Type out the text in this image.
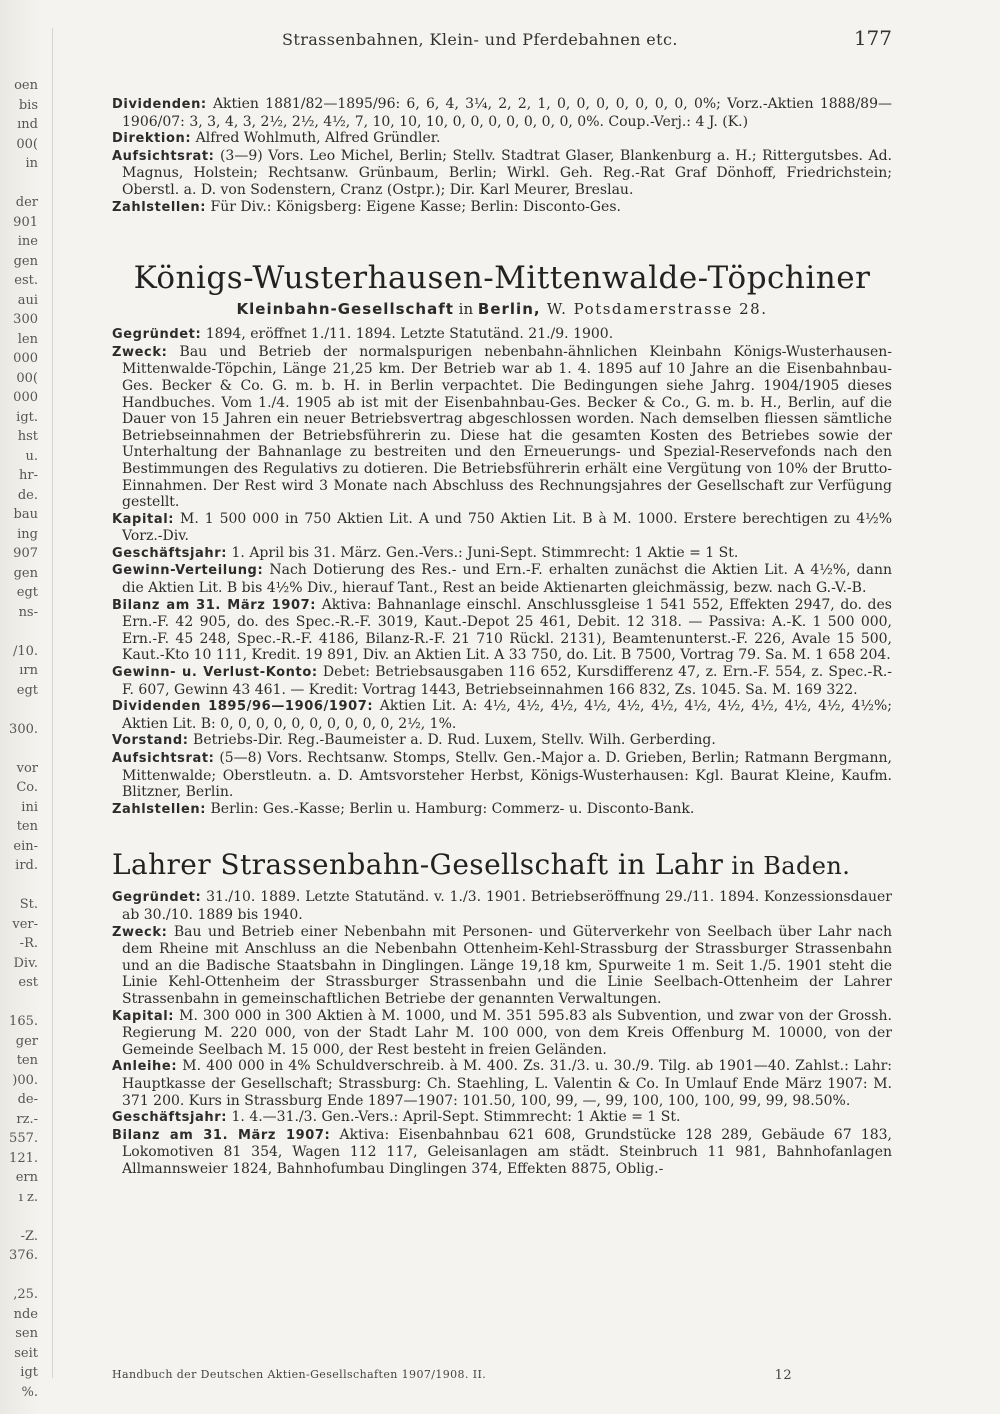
oen
bis
ınd
00(
in
der
901
ine
gen
est.
aui
300
len
000
00(
000
igt.
hst
u.
hr-
de.
bau
ing
907
gen
egt
ns-
/10.
ırn
egt
300.
vor
Co.
ini
ten
ein-
ird.
St.
ver-
-R.
Div.
est
165.
ger
ten
)00.
de-
rz.-
557.
121.
ern
ı z.
-Z.
376.
,25.
nde
sen
seit
igt
%.
Strassenbahnen, Klein- und Pferdebahnen etc.	177

Dividenden: Aktien 1881/82—1895/96: 6, 6, 4, 3¼, 2, 2, 1, 0, 0, 0, 0, 0, 0, 0, 0%; Vorz.-Aktien 1888/89—1906/07: 3, 3, 4, 3, 2½, 2½, 4½, 7, 10, 10, 10, 0, 0, 0, 0, 0, 0, 0, 0%. Coup.-Verj.: 4 J. (K.)

Direktion: Alfred Wohlmuth, Alfred Gründler.

Aufsichtsrat: (3—9) Vors. Leo Michel, Berlin; Stellv. Stadtrat Glaser, Blankenburg a. H.; Rittergutsbes. Ad. Magnus, Holstein; Rechtsanw. Grünbaum, Berlin; Wirkl. Geh. Reg.-Rat Graf Dönhoff, Friedrichstein; Oberstl. a. D. von Sodenstern, Cranz (Ostpr.); Dir. Karl Meurer, Breslau.

Zahlstellen: Für Div.: Königsberg: Eigene Kasse; Berlin: Disconto-Ges.

Königs-Wusterhausen-Mittenwalde-Töpchiner
Kleinbahn-Gesellschaft in Berlin, W. Potsdamerstrasse 28.

Gegründet: 1894, eröffnet 1./11. 1894. Letzte Statutänd. 21./9. 1900.

Zweck: Bau und Betrieb der normalspurigen nebenbahn-ähnlichen Kleinbahn Königs-Wusterhausen-Mittenwalde-Töpchin, Länge 21,25 km. Der Betrieb war ab 1. 4. 1895 auf 10 Jahre an die Eisenbahnbau-Ges. Becker & Co. G. m. b. H. in Berlin verpachtet. Die Bedingungen siehe Jahrg. 1904/1905 dieses Handbuches. Vom 1./4. 1905 ab ist mit der Eisenbahnbau-Ges. Becker & Co., G. m. b. H., Berlin, auf die Dauer von 15 Jahren ein neuer Betriebsvertrag abgeschlossen worden. Nach demselben fliessen sämtliche Betriebseinnahmen der Betriebsführerin zu. Diese hat die gesamten Kosten des Betriebes sowie der Unterhaltung der Bahnanlage zu bestreiten und den Erneuerungs- und Spezial-Reservefonds nach den Bestimmungen des Regulativs zu dotieren. Die Betriebsführerin erhält eine Vergütung von 10% der Brutto-Einnahmen. Der Rest wird 3 Monate nach Abschluss des Rechnungsjahres der Gesellschaft zur Verfügung gestellt.

Kapital: M. 1 500 000 in 750 Aktien Lit. A und 750 Aktien Lit. B à M. 1000. Erstere berechtigen zu 4½% Vorz.-Div.

Geschäftsjahr: 1. April bis 31. März. Gen.-Vers.: Juni-Sept. Stimmrecht: 1 Aktie = 1 St.

Gewinn-Verteilung: Nach Dotierung des Res.- und Ern.-F. erhalten zunächst die Aktien Lit. A 4½%, dann die Aktien Lit. B bis 4½% Div., hierauf Tant., Rest an beide Aktienarten gleichmässig, bezw. nach G.-V.-B.

Bilanz am 31. März 1907: Aktiva: Bahnanlage einschl. Anschlussgleise 1 541 552, Effekten 2947, do. des Ern.-F. 42 905, do. des Spec.-R.-F. 3019, Kaut.-Depot 25 461, Debit. 12 318. — Passiva: A.-K. 1 500 000, Ern.-F. 45 248, Spec.-R.-F. 4186, Bilanz-R.-F. 21 710 Rückl. 2131), Beamtenunterst.-F. 226, Avale 15 500, Kaut.-Kto 10 111, Kredit. 19 891, Div. an Aktien Lit. A 33 750, do. Lit. B 7500, Vortrag 79. Sa. M. 1 658 204.

Gewinn- u. Verlust-Konto: Debet: Betriebsausgaben 116 652, Kursdifferenz 47, z. Ern.-F. 554, z. Spec.-R.-F. 607, Gewinn 43 461. — Kredit: Vortrag 1443, Betriebseinnahmen 166 832, Zs. 1045. Sa. M. 169 322.

Dividenden 1895/96—1906/1907: Aktien Lit. A: 4½, 4½, 4½, 4½, 4½, 4½, 4½, 4½, 4½, 4½, 4½, 4½%; Aktien Lit. B: 0, 0, 0, 0, 0, 0, 0, 0, 0, 0, 2½, 1%.

Vorstand: Betriebs-Dir. Reg.-Baumeister a. D. Rud. Luxem, Stellv. Wilh. Gerberding.

Aufsichtsrat: (5—8) Vors. Rechtsanw. Stomps, Stellv. Gen.-Major a. D. Grieben, Berlin; Ratmann Bergmann, Mittenwalde; Oberstleutn. a. D. Amtsvorsteher Herbst, Königs-Wusterhausen: Kgl. Baurat Kleine, Kaufm. Blitzner, Berlin.

Zahlstellen: Berlin: Ges.-Kasse; Berlin u. Hamburg: Commerz- u. Disconto-Bank.

Lahrer Strassenbahn-Gesellschaft in Lahr in Baden.

Gegründet: 31./10. 1889. Letzte Statutänd. v. 1./3. 1901. Betriebseröffnung 29./11. 1894. Konzessionsdauer ab 30./10. 1889 bis 1940.

Zweck: Bau und Betrieb einer Nebenbahn mit Personen- und Güterverkehr von Seelbach über Lahr nach dem Rheine mit Anschluss an die Nebenbahn Ottenheim-Kehl-Strassburg der Strassburger Strassenbahn und an die Badische Staatsbahn in Dinglingen. Länge 19,18 km, Spurweite 1 m. Seit 1./5. 1901 steht die Linie Kehl-Ottenheim der Strassburger Strassenbahn und die Linie Seelbach-Ottenheim der Lahrer Strassenbahn in gemeinschaftlichen Betriebe der genannten Verwaltungen.

Kapital: M. 300 000 in 300 Aktien à M. 1000, und M. 351 595.83 als Subvention, und zwar von der Grossh. Regierung M. 220 000, von der Stadt Lahr M. 100 000, von dem Kreis Offenburg M. 10000, von der Gemeinde Seelbach M. 15 000, der Rest besteht in freien Geländen.

Anleihe: M. 400 000 in 4% Schuldverschreib. à M. 400. Zs. 31./3. u. 30./9. Tilg. ab 1901—40. Zahlst.: Lahr: Hauptkasse der Gesellschaft; Strassburg: Ch. Staehling, L. Valentin & Co. In Umlauf Ende März 1907: M. 371 200. Kurs in Strassburg Ende 1897—1907: 101.50, 100, 99, —, 99, 100, 100, 100, 99, 99, 98.50%.

Geschäftsjahr: 1. 4.—31./3. Gen.-Vers.: April-Sept. Stimmrecht: 1 Aktie = 1 St.

Bilanz am 31. März 1907: Aktiva: Eisenbahnbau 621 608, Grundstücke 128 289, Gebäude 67 183, Lokomotiven 81 354, Wagen 112 117, Geleisanlagen am städt. Steinbruch 11 981, Bahnhofanlagen Allmannsweier 1824, Bahnhofumbau Dinglingen 374, Effekten 8875, Oblig.-

Handbuch der Deutschen Aktien-Gesellschaften 1907/1908. II.	12
